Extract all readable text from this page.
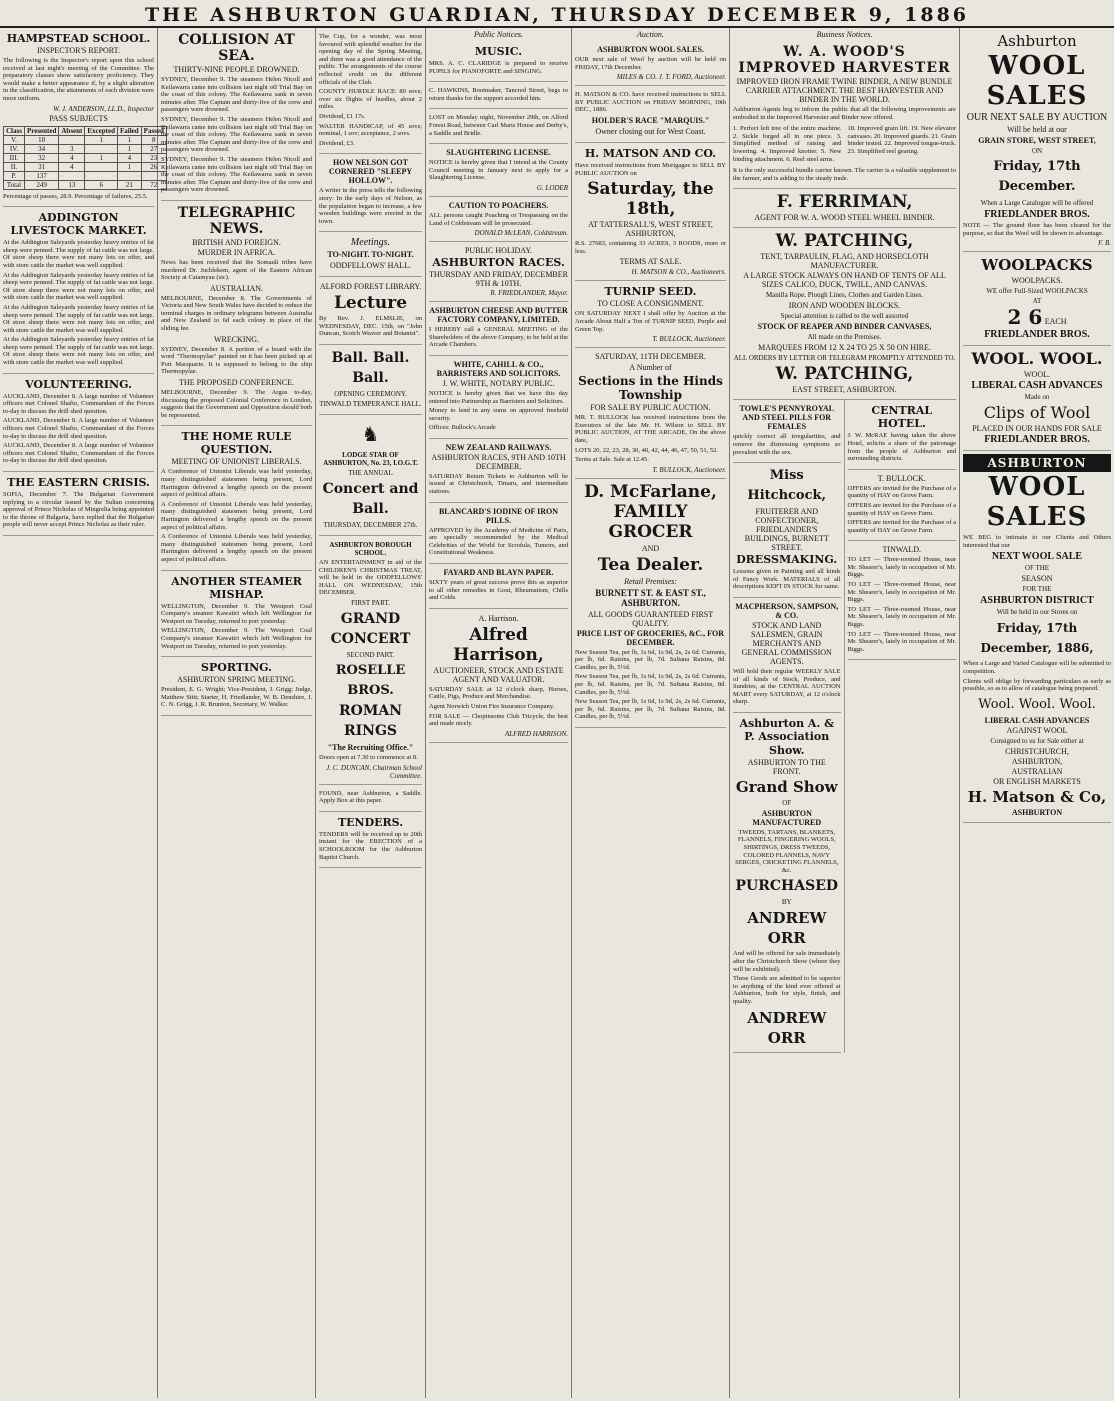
THE ASHBURTON GUARDIAN, THURSDAY DECEMBER 9, 1886
HAMPSTEAD SCHOOL.
INSPECTOR'S REPORT.
The following is the Inspector's report upon this school received at last night's meeting of the Committee. The preparatory classes show satisfactory proficiency. They would make a better appearance if, by a slight alteration in the classification, the attainments of each division were more uniform.
W. J. ANDERSON, LL.D., Inspector
PASS SUBJECTS
Class	Presented	Absent	Excepted	Failed	Passed
V.	10		1	1	8
IV.	34	3		1	27
III.	32	4	1	4	23
II.	31	4		1	26
P.	137				
Total	249	13	6	21	72
Percentage of passes, 28.9. Percentage of failures, 25.5.
ADDINGTON LIVESTOCK MARKET.
At the Addington Saleyards yesterday heavy entries of fat sheep were penned. The supply of fat cattle was not large. Of store sheep there were not many lots on offer, and with store cattle the market was well supplied.
At the Addington Saleyards yesterday heavy entries of fat sheep were penned. The supply of fat cattle was not large. Of store sheep there were not many lots on offer, and with store cattle the market was well supplied.
At the Addington Saleyards yesterday heavy entries of fat sheep were penned. The supply of fat cattle was not large. Of store sheep there were not many lots on offer, and with store cattle the market was well supplied.
At the Addington Saleyards yesterday heavy entries of fat sheep were penned. The supply of fat cattle was not large. Of store sheep there were not many lots on offer, and with store cattle the market was well supplied.
VOLUNTEERING.
AUCKLAND, December 8. A large number of Volunteer officers met Colonel Shafto, Commandant of the Forces to-day to discuss the drill shed question.
AUCKLAND, December 8. A large number of Volunteer officers met Colonel Shafto, Commandant of the Forces to-day to discuss the drill shed question.
AUCKLAND, December 8. A large number of Volunteer officers met Colonel Shafto, Commandant of the Forces to-day to discuss the drill shed question.
THE EASTERN CRISIS.
SOFIA, December 7. The Bulgarian Government replying to a circular issued by the Sultan concerning approval of Prince Nicholas of Mingrelia being appointed to the throne of Bulgaria, have replied that the Bulgarian people will never accept Prince Nicholas as their ruler.
COLLISION AT SEA.
THIRTY-NINE PEOPLE DROWNED.
SYDNEY, December 9. The steamers Helen Nicoll and Keilawarra came into collision last night off Trial Bay on the coast of this colony. The Keilawarra sank in seven minutes after. The Captain and thirty-five of the crew and passengers were drowned.
SYDNEY, December 9. The steamers Helen Nicoll and Keilawarra came into collision last night off Trial Bay on the coast of this colony. The Keilawarra sank in seven minutes after. The Captain and thirty-five of the crew and passengers were drowned.
SYDNEY, December 9. The steamers Helen Nicoll and Keilawarra came into collision last night off Trial Bay on the coast of this colony. The Keilawarra sank in seven minutes after. The Captain and thirty-five of the crew and passengers were drowned.
TELEGRAPHIC NEWS.
BRITISH AND FOREIGN.
MURDER IN AFRICA.
News has been received that the Somauli tribes have murdered Dr. Juchlekem, agent of the Eastern African Society at Catamyau (sic).
AUSTRALIAN.
MELBOURNE, December 8. The Governments of Victoria and New South Wales have decided to reduce the terminal charges in ordinary telegrams between Australia and New Zealand to 6d each colony in place of the sliding fee.
WRECKING.
SYDNEY, December 8. A portion of a board with the word "Thermopylae" painted on it has been picked up at Port Macquarie. It is supposed to belong to the ship Thermopylae.
THE PROPOSED CONFERENCE.
MELBOURNE, December 9. The Argus to-day, discussing the proposed Colonial Conference in London, suggests that the Government and Opposition should both be represented.
THE HOME RULE QUESTION.
MEETING OF UNIONIST LIBERALS.
A Conference of Unionist Liberals was held yesterday, many distinguished statesmen being present, Lord Hartington delivered a lengthy speech on the present aspect of political affairs.
A Conference of Unionist Liberals was held yesterday, many distinguished statesmen being present, Lord Hartington delivered a lengthy speech on the present aspect of political affairs.
A Conference of Unionist Liberals was held yesterday, many distinguished statesmen being present, Lord Hartington delivered a lengthy speech on the present aspect of political affairs.
ANOTHER STEAMER MISHAP.
WELLINGTON, December 9. The Westport Coal Company's steamer Kawatiri which left Wellington for Westport on Tuesday, returned to port yesterday.
WELLINGTON, December 9. The Westport Coal Company's steamer Kawatiri which left Wellington for Westport on Tuesday, returned to port yesterday.
SPORTING.
ASHBURTON SPRING MEETING.
President, E. G. Wright; Vice-President, J. Grigg; Judge, Matthew Stitt; Starter, H. Friedlander, W. B. Denshire, J. C. N. Grigg, J. R. Brunton, Secretary, W. Walker.
The Cup, for a wonder, was most favoured with splendid weather for the opening day of the Spring Meeting, and there was a good attendance of the public. The arrangements of the course reflected credit on the different officials of the Club.
COUNTY HURDLE RACE: 80 sovs; over six flights of hurdles, about 2 miles.
Dividend, £1 17s.
WALTER HANDICAP, of 45 sovs; nominal, 1 sov; acceptance, 2 sovs.
Dividend, £3.
HOW NELSON GOT CORNERED "SLEEPY HOLLOW".
A writer in the press tells the following story: In the early days of Nelson, as the population began to increase, a few wooden buildings were erected in the town.
Meetings.
TO-NIGHT. TO-NIGHT.
ODDFELLOWS' HALL.
ALFORD FOREST LIBRARY.
Lecture
By Rev. J. ELMSLIE, on WEDNESDAY, DEC. 15th, on "John Duncan, Scotch Weaver and Botanist".
Ball. Ball. Ball.
OPENING CEREMONY.
TINWALD TEMPERANCE HALL.
♞
LODGE STAR OF ASHBURTON, No. 23, I.O.G.T.
THE ANNUAL
Concert and Ball.
THURSDAY, DECEMBER 27th.
ASHBURTON BOROUGH SCHOOL.
AN ENTERTAINMENT in aid of the CHILDREN'S CHRISTMAS TREAT, will be held in the ODDFELLOWS' HALL ON WEDNESDAY, 15th DECEMBER.
FIRST PART.
GRAND CONCERT
SECOND PART.
ROSELLE BROS.
ROMAN RINGS
"The Recruiting Office."
Doors open at 7.30 to commence at 8.
J. C. DUNCAN, Chairman School Committee.
FOUND, near Ashburton, a Saddle. Apply Box at this paper.
TENDERS.
TENDERS will be received up to 20th instant for the ERECTION of a SCHOOLROOM for the Ashburton Baptist Church.
Public Notices.
MUSIC.
MRS. A. C. CLARIDGE is prepared to receive PUPILS for PIANOFORTE and SINGING.
C. HAWKINS, Bootmaker, Tancred Street, begs to return thanks for the support accorded him.
LOST on Monday night, November 29th, on Alford Forest Road, between Carl Maris House and Derby's, a Saddle and Bridle.
SLAUGHTERING LICENSE.
NOTICE is hereby given that I intend at the County Council meeting in January next to apply for a Slaughtering License.
G. LODER
CAUTION TO POACHERS.
ALL persons caught Poaching or Trespassing on the Land of Coldstream will be prosecuted.
DONALD McLEAN, Coldstream.
PUBLIC HOLIDAY.
ASHBURTON RACES.
THURSDAY AND FRIDAY, DECEMBER 9TH & 10TH.
R. FRIEDLANDER, Mayor.
ASHBURTON CHEESE AND BUTTER FACTORY COMPANY, LIMITED.
I HEREBY call a GENERAL MEETING of the Shareholders of the above Company, to be held at the Arcade Chambers.
WHITE, CAHILL & CO., BARRISTERS AND SOLICITORS.
J. W. WHITE, NOTARY PUBLIC.
NOTICE is hereby given that we have this day entered into Partnership as Barristers and Solicitors.
Money to lend in any sums on approved freehold security.
Offices: Bullock's Arcade
NEW ZEALAND RAILWAYS.
ASHBURTON RACES, 9TH AND 10TH DECEMBER.
SATURDAY Return Tickets to Ashburton will be issued at Christchurch, Timaru, and intermediate stations.
BLANCARD'S IODINE OF IRON PILLS.
APPROVED by the Academy of Medicine of Paris, are specially recommended by the Medical Celebrities of the World for Scrofula, Tumors, and Constitutional Weakness.
FAYARD AND BLAYN PAPER.
SIXTY years of great success prove this as superior to all other remedies in Gout, Rheumatism, Chills and Colds.
A. Harrison.
Alfred Harrison,
AUCTIONEER, STOCK AND ESTATE AGENT AND VALUATOR.
SATURDAY SALE at 12 o'clock sharp, Horses, Cattle, Pigs, Produce and Merchandise.
Agent Norwich Union Fire Insurance Company.
FOR SALE — Chopinsome Club Tricycle, the best and made nicely.
ALFRED HARRISON.
Auction.
ASHBURTON WOOL SALES.
OUR next sale of Wool by auction will be held on FRIDAY, 17th December.
MILES & CO. J. T. FORD, Auctioneer.
H. MATSON & CO. have received instructions to SELL BY PUBLIC AUCTION on FRIDAY MORNING, 10th DEC., 1886.
HOLDER'S RACE "MARQUIS."
Owner closing out for West Coast.
H. MATSON AND CO.
Have received instructions from Mortgagee to SELL BY PUBLIC AUCTION on
Saturday, the 18th,
AT TATTERSALL'S, WEST STREET, ASHBURTON,
R.S. 27683, containing 33 ACRES, 3 ROODS, more or less.
TERMS AT SALE.
H. MATSON & CO., Auctioneers.
TURNIP SEED.
TO CLOSE A CONSIGNMENT.
ON SATURDAY NEXT I shall offer by Auction at the Arcade About Half a Ton of TURNIP SEED, Purple and Green Top.
T. BULLOCK, Auctioneer.
SATURDAY, 11TH DECEMBER.
A Number of
Sections in the Hinds Township
FOR SALE BY PUBLIC AUCTION.
MR. T. BULLOCK has received instructions from the Executors of the late Mr. H. Wilson to SELL BY PUBLIC AUCTION, AT THE ARCADE, On the above date,
LOTS 20, 22, 23, 28, 30, 40, 42, 44, 46, 47, 50, 51, 52.
Terms at Sale. Sale at 12.45.
T. BULLOCK, Auctioneer.
D. McFarlane,
FAMILY GROCER
AND
Tea Dealer.
Retail Premises:
BURNETT ST. & EAST ST., ASHBURTON.
ALL GOODS GUARANTEED FIRST QUALITY.
PRICE LIST OF GROCERIES, &C., FOR DECEMBER.
New Season Tea, per lb, 1s 6d, 1s 9d, 2s, 2s 6d. Currants, per lb, 6d. Raisins, per lb, 7d. Sultana Raisins, 8d. Candles, per lb, 5½d.
New Season Tea, per lb, 1s 6d, 1s 9d, 2s, 2s 6d. Currants, per lb, 6d. Raisins, per lb, 7d. Sultana Raisins, 8d. Candles, per lb, 5½d.
New Season Tea, per lb, 1s 6d, 1s 9d, 2s, 2s 6d. Currants, per lb, 6d. Raisins, per lb, 7d. Sultana Raisins, 8d. Candles, per lb, 5½d.
Business Notices.
W. A. WOOD'S IMPROVED HARVESTER
IMPROVED IRON FRAME TWINE BINDER, A NEW BUNDLE CARRIER ATTACHMENT. THE BEST HARVESTER AND BINDER IN THE WORLD.
Ashburton Agents beg to inform the public that all the following improvements are embodied in the Improved Harvester and Binder now offered.
1. Perfect left tree of the entire machine. 2. Sickle forged all in one piece. 3. Simplified method of raising and lowering. 4. Improved knotter. 5. New binding attachment. 6. Reel steel arms.
18. Improved grain lift. 19. New elevator canvases. 20. Improved guards. 21. Grain binder tested. 22. Improved tongue-truck. 23. Simplified reel gearing.
It is the only successful bundle carrier known. The carrier is a valuable supplement to the farmer, and is adding to the steady trade.
F. FERRIMAN,
AGENT FOR W. A. WOOD STEEL WHEEL BINDER.
W. PATCHING,
TENT, TARPAULIN, FLAG, AND HORSECLOTH MANUFACTURER.
A LARGE STOCK ALWAYS ON HAND OF TENTS OF ALL SIZES CALICO, DUCK, TWILL, AND CANVAS.
Manilla Rope, Plough Lines, Clothes and Garden Lines.
IRON AND WOODEN BLOCKS.
Special attention is called to the well assorted
STOCK OF REAPER AND BINDER CANVASES,
All made on the Premises.
MARQUEES FROM 12 X 24 TO 25 X 50 ON HIRE.
ALL ORDERS BY LETTER OR TELEGRAM PROMPTLY ATTENDED TO.
W. PATCHING,
EAST STREET, ASHBURTON.
TOWLE'S PENNYROYAL AND STEEL PILLS FOR FEMALES
quickly correct all irregularities, and remove the distressing symptoms so prevalent with the sex.
Miss Hitchcock,
FRUITERER AND CONFECTIONER, FRIEDLANDER'S BUILDINGS, BURNETT STREET.
DRESSMAKING.
Lessons given in Painting and all kinds of Fancy Work. MATERIALS of all descriptions KEPT IN STOCK for same.
MACPHERSON, SAMPSON, & CO.
STOCK AND LAND SALESMEN, GRAIN MERCHANTS AND GENERAL COMMISSION AGENTS.
Will hold their regular WEEKLY SALE of all kinds of Stock, Produce, and Sundries, at the CENTRAL AUCTION MART every SATURDAY, at 12 o'clock sharp.
Ashburton A. & P. Association
Show.
ASHBURTON TO THE FRONT.
Grand Show
OF
ASHBURTON MANUFACTURED
TWEEDS, TARTANS, BLANKETS, FLANNELS, FINGERING WOOLS, SHIRTINGS, DRESS TWEEDS, COLORED FLANNELS, NAVY SERGES, CRICKETING FLANNELS, &c.
PURCHASED
BY
ANDREW ORR
And will be offered for sale immediately after the Christchurch Show (where they will be exhibited).
These Goods are admitted to be superior to anything of the kind ever offered at Ashburton, both for style, finish, and quality.
ANDREW ORR
CENTRAL HOTEL.
J. W. McRAE having taken the above Hotel, solicits a share of the patronage from the people of Ashburton and surrounding districts.
T. BULLOCK.
OFFERS are invited for the Purchase of a quantity of HAY on Grove Farm.
OFFERS are invited for the Purchase of a quantity of HAY on Grove Farm.
OFFERS are invited for the Purchase of a quantity of HAY on Grove Farm.
TINWALD.
TO LET — Three-roomed House, near Mr. Shearer's, lately in occupation of Mr. Biggs.
TO LET — Three-roomed House, near Mr. Shearer's, lately in occupation of Mr. Biggs.
TO LET — Three-roomed House, near Mr. Shearer's, lately in occupation of Mr. Biggs.
TO LET — Three-roomed House, near Mr. Shearer's, lately in occupation of Mr. Biggs.
Ashburton
WOOL SALES
OUR NEXT SALE BY AUCTION
Will be held at our
GRAIN STORE, WEST STREET,
ON
Friday, 17th December.
When a Large Catalogue will be offered
FRIEDLANDER BROS.
NOTE — The ground floor has been cleared for the purpose, so that the Wool will be shown to advantage.
F. B.
WOOLPACKS
WOOLPACKS.
WE offer Full-Sized WOOLPACKS
AT
2 6 EACH
FRIEDLANDER BROS.
WOOL. WOOL.
WOOL.
LIBERAL CASH ADVANCES
Made on
Clips of Wool
PLACED IN OUR HANDS FOR SALE
FRIEDLANDER BROS.
ASHBURTON
WOOL SALES
WE BEG to intimate to our Clients and Others interested that our
NEXT WOOL SALE
OF THE
SEASON
FOR THE
ASHBURTON DISTRICT
Will be held in our Stores on
Friday, 17th December, 1886,
When a Large and Varied Catalogue will be submitted to competition.
Clients will oblige by forwarding particulars as early as possible, so as to allow of catalogue being prepared.
Wool. Wool. Wool.
LIBERAL CASH ADVANCES
AGAINST WOOL
Consigned to us for Sale either at
CHRISTCHURCH,
ASHBURTON,
AUSTRALIAN
OR ENGLISH MARKETS
H. Matson & Co,
ASHBURTON
